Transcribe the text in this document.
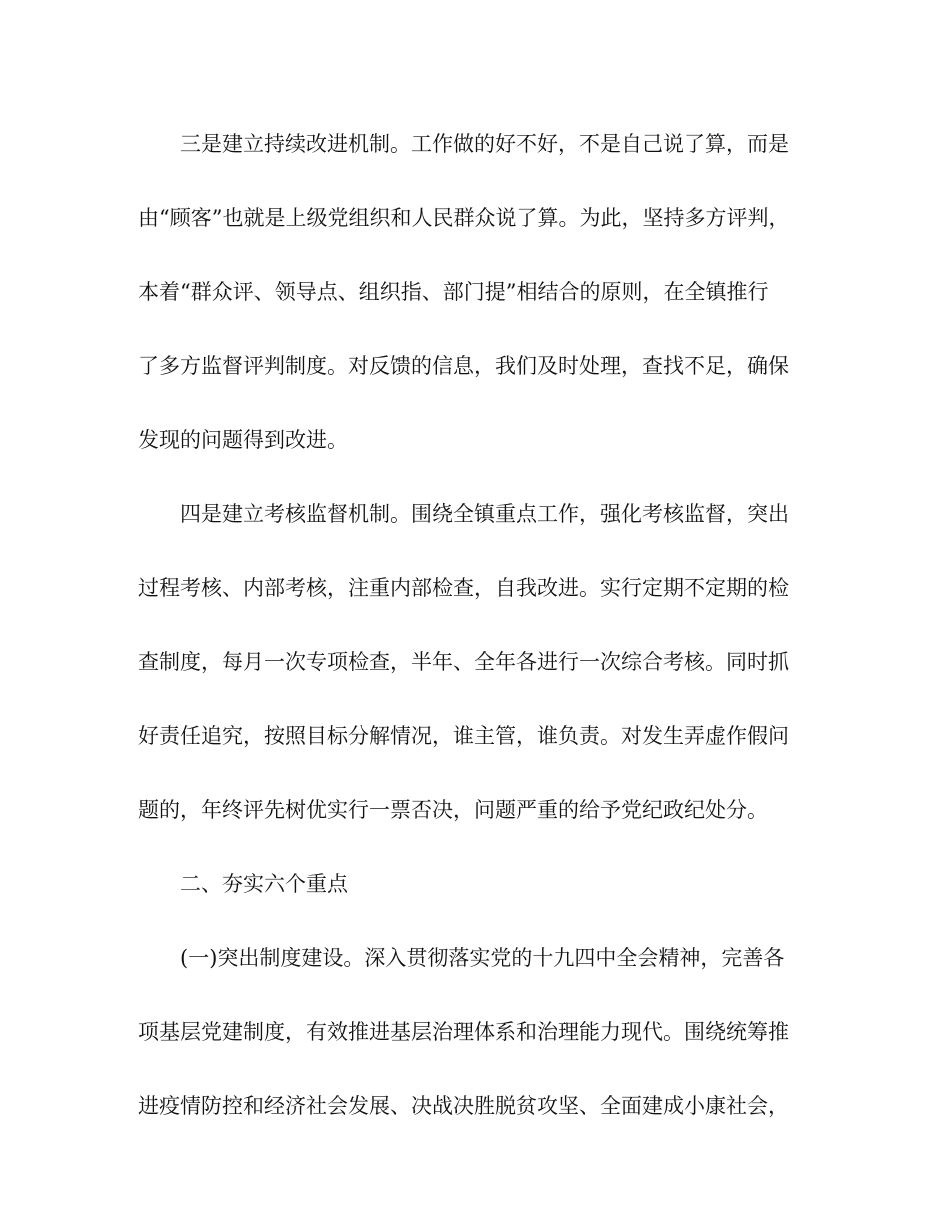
三是建立持续改进机制。工作做的好不好，不是自己说了算，而是
由“顾客”也就是上级党组织和人民群众说了算。为此，坚持多方评判，
本着“群众评、领导点、组织指、部门提”相结合的原则，在全镇推行
了多方监督评判制度。对反馈的信息，我们及时处理，查找不足，确保
发现的问题得到改进。
四是建立考核监督机制。围绕全镇重点工作，强化考核监督，突出
过程考核、内部考核，注重内部检查，自我改进。实行定期不定期的检
查制度，每月一次专项检查，半年、全年各进行一次综合考核。同时抓
好责任追究，按照目标分解情况，谁主管，谁负责。对发生弄虚作假问
题的，年终评先树优实行一票否决，问题严重的给予党纪政纪处分。
二、夯实六个重点
(一)突出制度建设。深入贯彻落实党的十九四中全会精神，完善各
项基层党建制度，有效推进基层治理体系和治理能力现代。围绕统筹推
进疫情防控和经济社会发展、决战决胜脱贫攻坚、全面建成小康社会，
